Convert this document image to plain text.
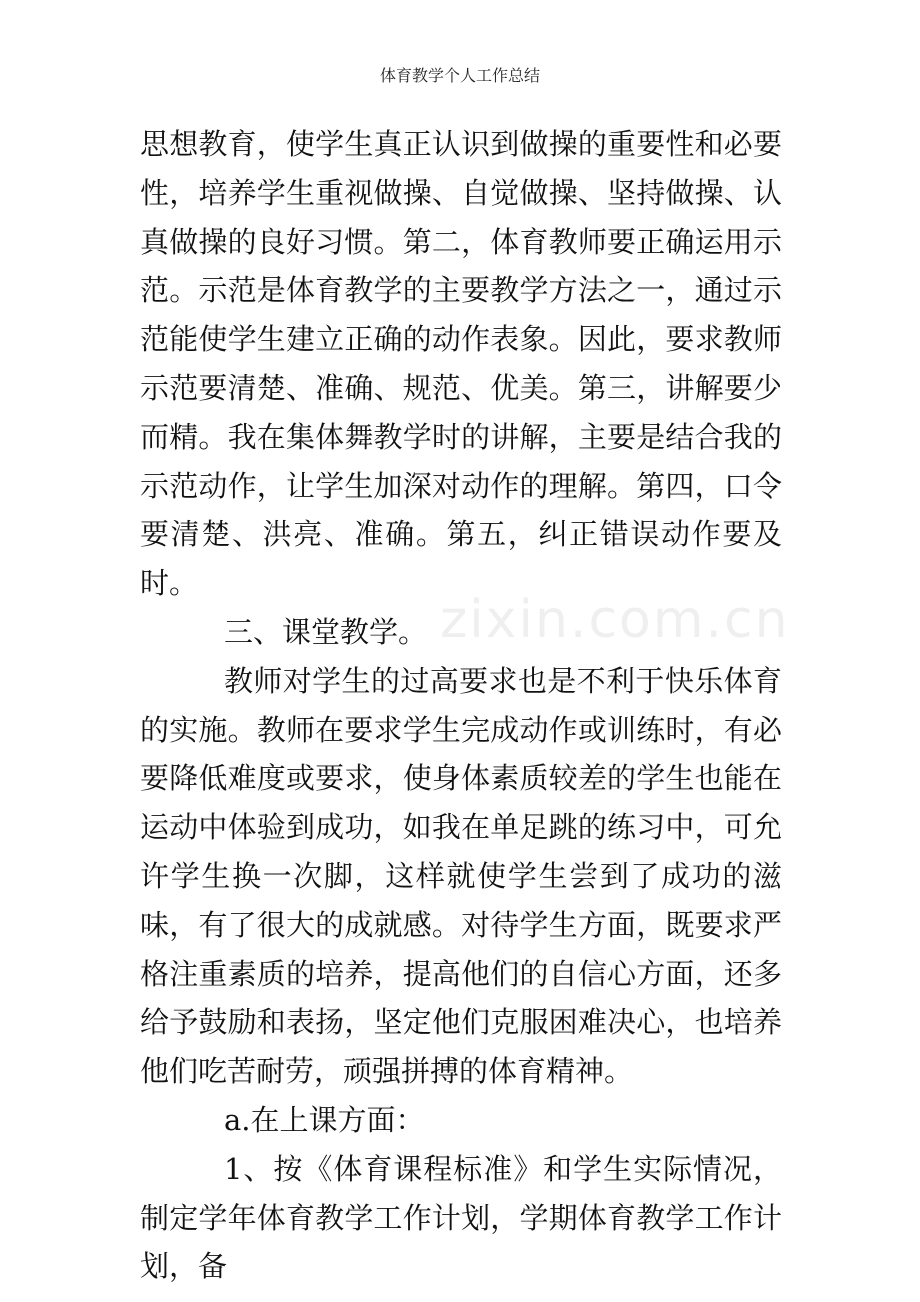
体育教学个人工作总结

思想教育，使学生真正认识到做操的重要性和必要性，培养学生重视做操、自觉做操、坚持做操、认真做操的良好习惯。第二，体育教师要正确运用示范。示范是体育教学的主要教学方法之一，通过示范能使学生建立正确的动作表象。因此，要求教师示范要清楚、准确、规范、优美。第三，讲解要少而精。我在集体舞教学时的讲解，主要是结合我的示范动作，让学生加深对动作的理解。第四，口令要清楚、洪亮、准确。第五，纠正错误动作要及时。

三、课堂教学。

教师对学生的过高要求也是不利于快乐体育的实施。教师在要求学生完成动作或训练时，有必要降低难度或要求，使身体素质较差的学生也能在运动中体验到成功，如我在单足跳的练习中，可允许学生换一次脚，这样就使学生尝到了成功的滋味，有了很大的成就感。对待学生方面，既要求严格注重素质的培养，提高他们的自信心方面，还多给予鼓励和表扬，坚定他们克服困难决心，也培养他们吃苦耐劳，顽强拼搏的体育精神。

a.在上课方面：

1、按《体育课程标准》和学生实际情况，制定学年体育教学工作计划，学期体育教学工作计划，备

zixin.com.cn
